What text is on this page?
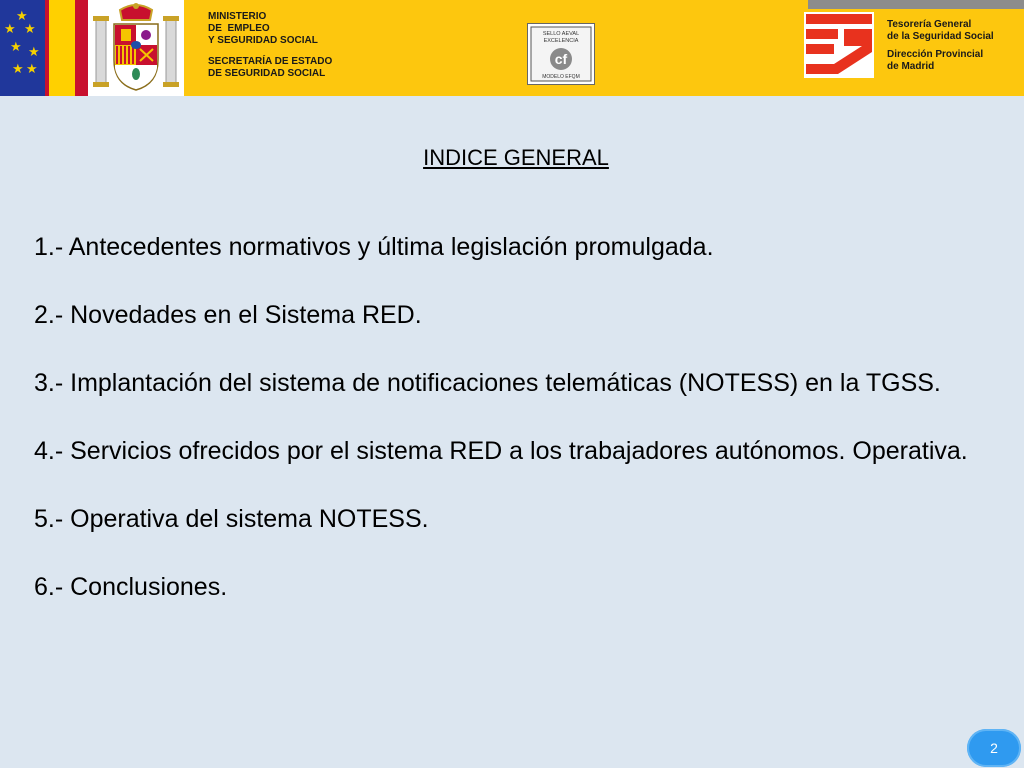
★
★ ★
★ ★
★ ★
MINISTERIO
DE  EMPLEO
Y SEGURIDAD SOCIAL
SECRETARÍA DE ESTADO
DE SEGURIDAD SOCIAL
SELLO AEVAL
EXCELENCIA
cf
MODELO EFQM
Tesorería General
de la Seguridad Social
Dirección Provincial
de Madrid
INDICE GENERAL
1.- Antecedentes normativos y última legislación promulgada.
2.- Novedades en el Sistema RED.
3.- Implantación del sistema de notificaciones telemáticas (NOTESS) en la TGSS.
4.- Servicios ofrecidos por el sistema RED a los trabajadores autónomos. Operativa.
5.- Operativa del sistema NOTESS.
6.- Conclusiones.
2
